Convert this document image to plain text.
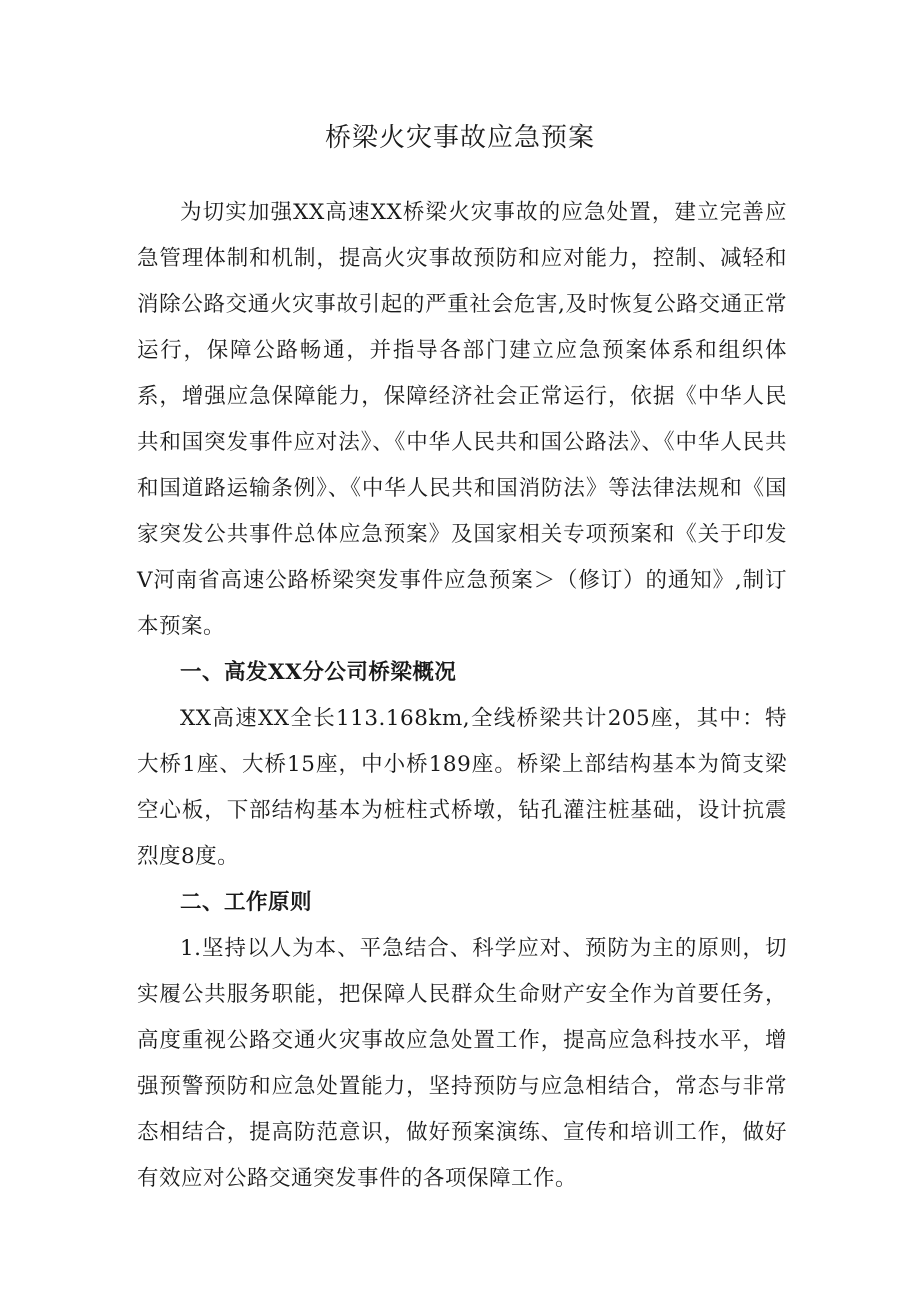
桥梁火灾事故应急预案

为切实加强XX高速XX桥梁火灾事故的应急处置，建立完善应急管理体制和机制，提高火灾事故预防和应对能力，控制、减轻和消除公路交通火灾事故引起的严重社会危害,及时恢复公路交通正常运行，保障公路畅通，并指导各部门建立应急预案体系和组织体系，增强应急保障能力，保障经济社会正常运行，依据《中华人民共和国突发事件应对法》、《中华人民共和国公路法》、《中华人民共和国道路运输条例》、《中华人民共和国消防法》等法律法规和《国家突发公共事件总体应急预案》及国家相关专项预案和《关于印发Ⅴ河南省高速公路桥梁突发事件应急预案＞（修订）的通知》,制订本预案。

一、高发XX分公司桥梁概况

XX高速XX全长113.168km,全线桥梁共计205座，其中：特大桥1座、大桥15座，中小桥189座。桥梁上部结构基本为简支梁空心板，下部结构基本为桩柱式桥墩，钻孔灌注桩基础，设计抗震烈度8度。

二、工作原则

1.坚持以人为本、平急结合、科学应对、预防为主的原则，切实履公共服务职能，把保障人民群众生命财产安全作为首要任务，高度重视公路交通火灾事故应急处置工作，提高应急科技水平，增强预警预防和应急处置能力，坚持预防与应急相结合，常态与非常态相结合，提高防范意识，做好预案演练、宣传和培训工作，做好有效应对公路交通突发事件的各项保障工作。
